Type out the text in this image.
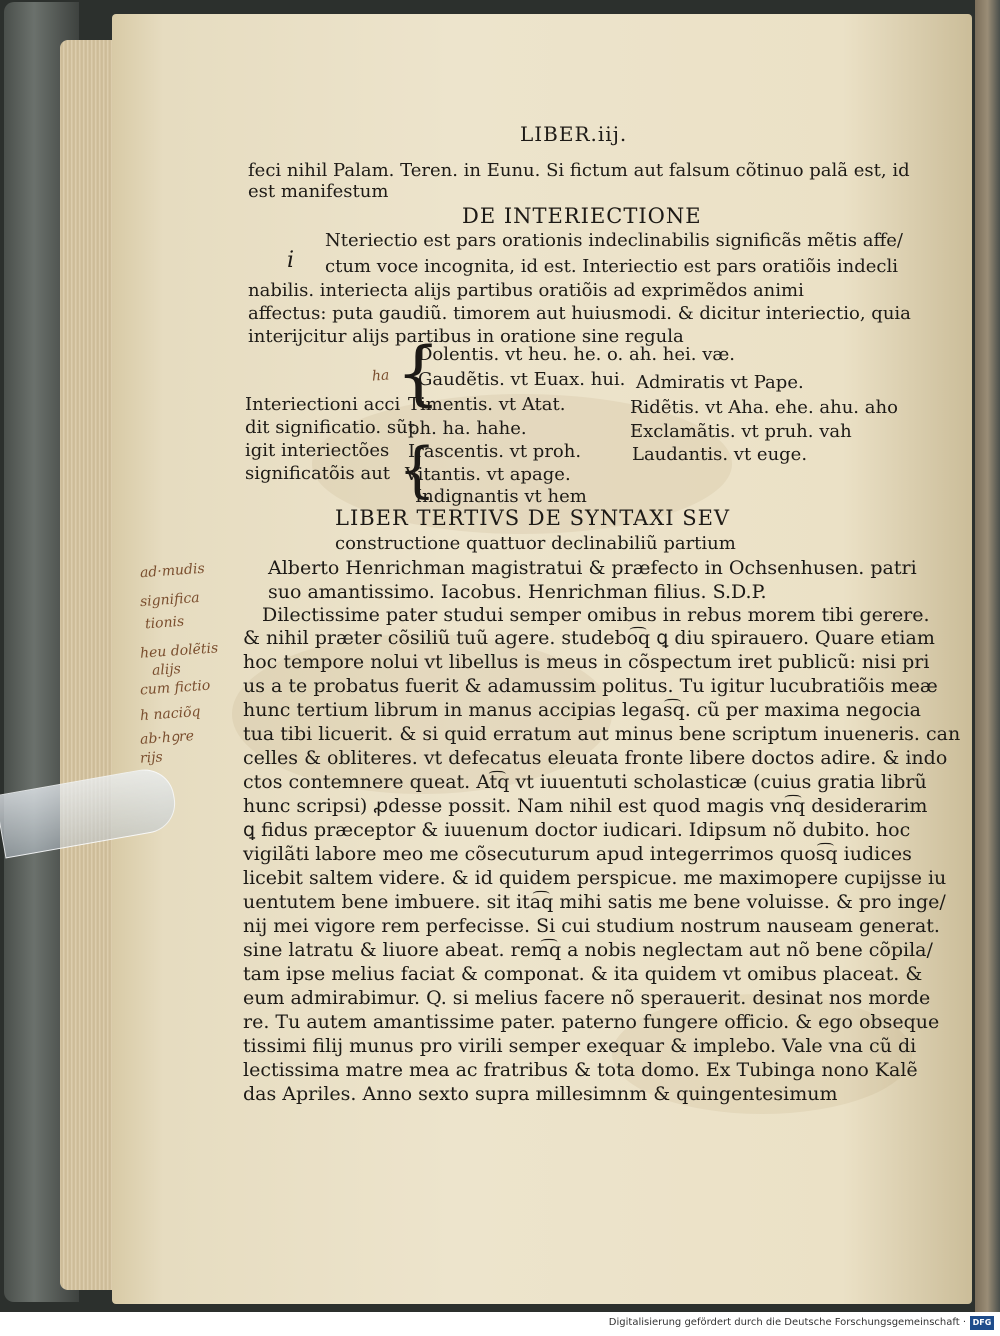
LIBER.iij.
feci nihil Palam. Teren. in Eunu. Si fictum aut falsum cõtinuo palã est, id
est manifestum
DE INTERIECTIONE
Nteriectio est pars orationis indeclinabilis significãs mẽtis affe/
ctum voce incognita, id est. Interiectio est pars oratiõis indecli
nabilis. interiecta alijs partibus oratiõis ad exprimẽdos animi
affectus: puta gaudiũ. timorem aut huiusmodi. & dicitur interiectio, quia
interijcitur alijs partibus in oratione sine regula
i
{
{
ha
Dolentis. vt heu. he. o. ah. hei. væ.
Gaudẽtis. vt Euax. hui.
Timentis. vt Atat.
ph. ha. hahe.
Irascentis. vt proh.
Vitantis. vt apage.
Indignantis vt hem
Interiectioni acci
dit significatio. sũt
igit interiectões
significatõis aut
Admiratis vt Pape.
Ridẽtis. vt Aha. ehe. ahu. aho
Exclamãtis. vt pruh. vah
Laudantis. vt euge.
LIBER TERTIVS DE SYNTAXI SEV
constructione quattuor declinabiliũ partium
Alberto Henrichman magistratui & præfecto in Ochsenhusen. patri
suo amantissimo. Iacobus. Henrichman filius. S.D.P.
Dilectissime pater studui semper omibus in rebus morem tibi gerere.
& nihil præter cõsiliũ tuũ agere. studebo͡q ꝗ diu spirauero. Quare etiam
hoc tempore nolui vt libellus is meus in cõspectum iret publicũ: nisi pri
us a te probatus fuerit & adamussim politus. Tu igitur lucubratiõis meæ
hunc tertium librum in manus accipias legas͡q. cũ per maxima negocia
tua tibi licuerit. & si quid erratum aut minus bene scriptum inueneris. can
celles & obliteres. vt defecatus eleuata fronte libere doctos adire. & indo
ctos contemnere queat. At͡q vt iuuentuti scholasticæ (cuius gratia librũ
hunc scripsi) ꝓdesse possit. Nam nihil est quod magis vn͡q desiderarim
ꝗ fidus præceptor & iuuenum doctor iudicari. Idipsum nõ dubito. hoc
vigilãti labore meo me cõsecuturum apud integerrimos quos͡q iudices
licebit saltem videre. & id quidem perspicue. me maximopere cupijsse iu
uentutem bene imbuere. sit ita͡q mihi satis me bene voluisse. & pro inge/
nij mei vigore rem perfecisse. Si cui studium nostrum nauseam generat.
sine latratu & liuore abeat. rem͡q a nobis neglectam aut nõ bene cõpila/
tam ipse melius faciat & componat. & ita quidem vt omibus placeat. &
eum admirabimur. Q. si melius facere nõ sperauerit. desinat nos morde
re. Tu autem amantissime pater. paterno fungere officio. & ego obseque
tissimi filij munus pro virili semper exequar & implebo. Vale vna cũ di
lectissima matre mea ac fratribus & tota domo. Ex Tubinga nono Kalẽ
das Apriles. Anno sexto supra millesimnm & quingentesimum
ad·mudis
significa
tionis
heu dolẽtis
alijs
cum fictio
h naciõq
ab·hꝯre
rijs
Digitalisierung gefördert durch die Deutsche Forschungsgemeinschaft · DFG
